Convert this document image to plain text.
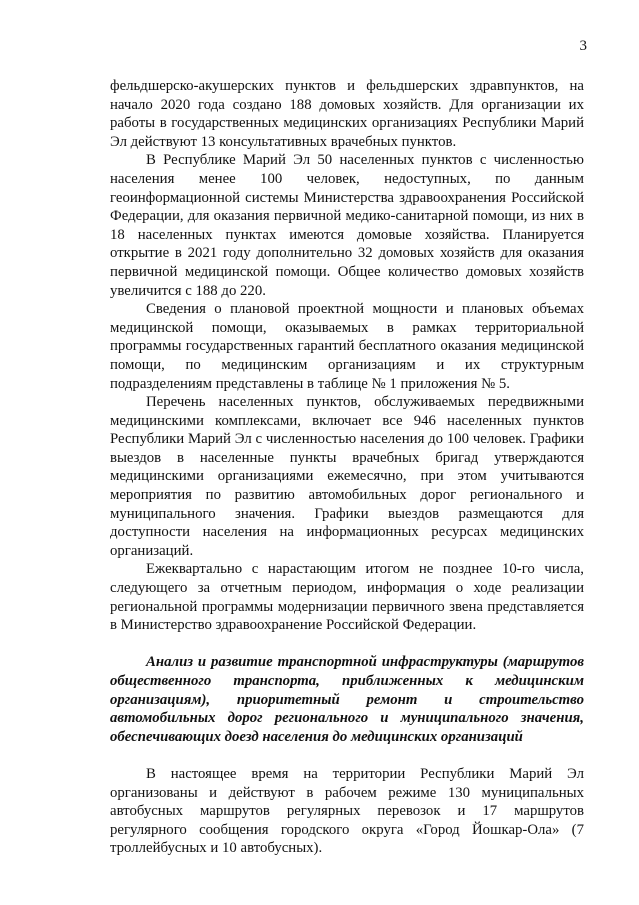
3

фельдшерско-акушерских пунктов и фельдшерских здравпунктов, на начало 2020 года создано 188 домовых хозяйств. Для организации их работы в государственных медицинских организациях Республики Марий Эл действуют 13 консультативных врачебных пунктов.

В Республике Марий Эл 50 населенных пунктов с численностью населения менее 100 человек, недоступных, по данным геоинформационной системы Министерства здравоохранения Российской Федерации, для оказания первичной медико-санитарной помощи, из них в 18 населенных пунктах имеются домовые хозяйства. Планируется открытие в 2021 году дополнительно 32 домовых хозяйств для оказания первичной медицинской помощи. Общее количество домовых хозяйств увеличится с 188 до 220.

Сведения о плановой проектной мощности и плановых объемах медицинской помощи, оказываемых в рамках территориальной программы государственных гарантий бесплатного оказания медицинской помощи, по медицинским организациям и их структурным подразделениям представлены в таблице № 1 приложения № 5.

Перечень населенных пунктов, обслуживаемых передвижными медицинскими комплексами, включает все 946 населенных пунктов Республики Марий Эл с численностью населения до 100 человек. Графики выездов в населенные пункты врачебных бригад утверждаются медицинскими организациями ежемесячно, при этом учитываются мероприятия по развитию автомобильных дорог регионального и муниципального значения. Графики выездов размещаются для доступности населения на информационных ресурсах медицинских организаций.

Ежеквартально с нарастающим итогом не позднее 10-го числа, следующего за отчетным периодом, информация о ходе реализации региональной программы модернизации первичного звена представляется в Министерство здравоохранение Российской Федерации.

Анализ и развитие транспортной инфраструктуры (маршрутов общественного транспорта, приближенных к медицинским организациям), приоритетный ремонт и строительство автомобильных дорог регионального и муниципального значения, обеспечивающих доезд населения до медицинских организаций

В настоящее время на территории Республики Марий Эл организованы и действуют в рабочем режиме 130 муниципальных автобусных маршрутов регулярных перевозок и 17 маршрутов регулярного сообщения городского округа «Город Йошкар-Ола» (7 троллейбусных и 10 автобусных).
